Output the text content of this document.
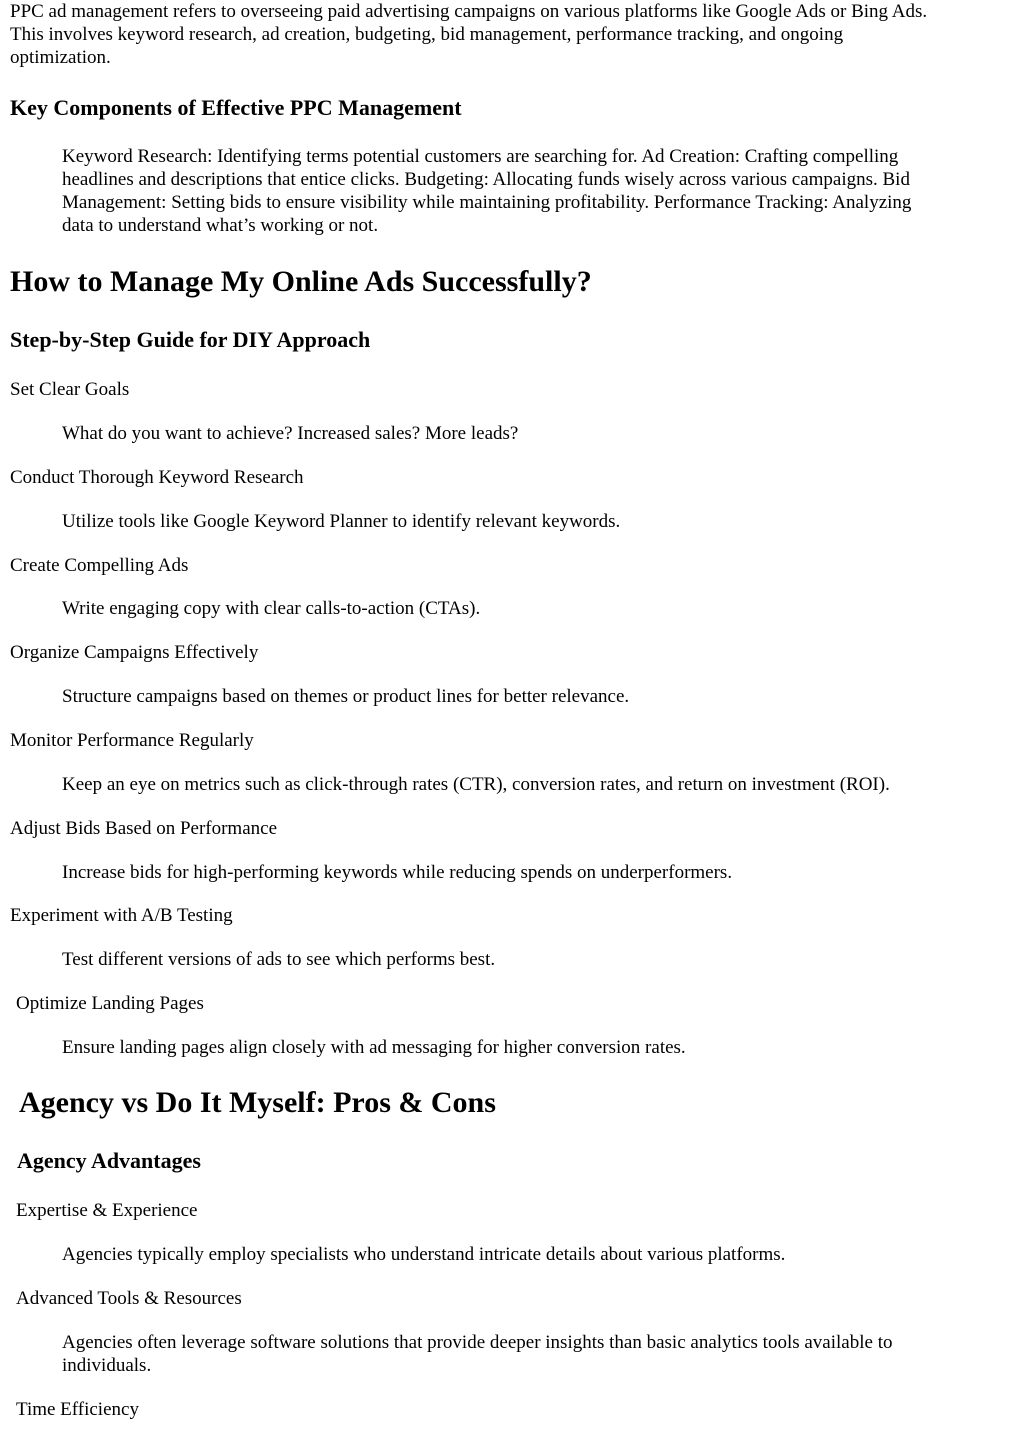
PPC ad management refers to overseeing paid advertising campaigns on various platforms like Google Ads or Bing Ads.

This involves keyword research, ad creation, budgeting, bid management, performance tracking, and ongoing

optimization.

Key Components of Effective PPC Management

Keyword Research: Identifying terms potential customers are searching for. Ad Creation: Crafting compelling

headlines and descriptions that entice clicks. Budgeting: Allocating funds wisely across various campaigns. Bid

Management: Setting bids to ensure visibility while maintaining profitability. Performance Tracking: Analyzing

data to understand what’s working or not.

How to Manage My Online Ads Successfully?
Step-by-Step Guide for DIY Approach

Set Clear Goals

What do you want to achieve? Increased sales? More leads?

Conduct Thorough Keyword Research

Utilize tools like Google Keyword Planner to identify relevant keywords.

Create Compelling Ads

Write engaging copy with clear calls-to-action (CTAs).

Organize Campaigns Effectively

Structure campaigns based on themes or product lines for better relevance.

Monitor Performance Regularly

Keep an eye on metrics such as click-through rates (CTR), conversion rates, and return on investment (ROI).

Adjust Bids Based on Performance

Increase bids for high-performing keywords while reducing spends on underperformers.

Experiment with A/B Testing

Test different versions of ads to see which performs best.

Optimize Landing Pages

Ensure landing pages align closely with ad messaging for higher conversion rates.

Agency vs Do It Myself: Pros & Cons
Agency Advantages

Expertise & Experience

Agencies typically employ specialists who understand intricate details about various platforms.

Advanced Tools & Resources

Agencies often leverage software solutions that provide deeper insights than basic analytics tools available to

individuals.

Time Efficiency
